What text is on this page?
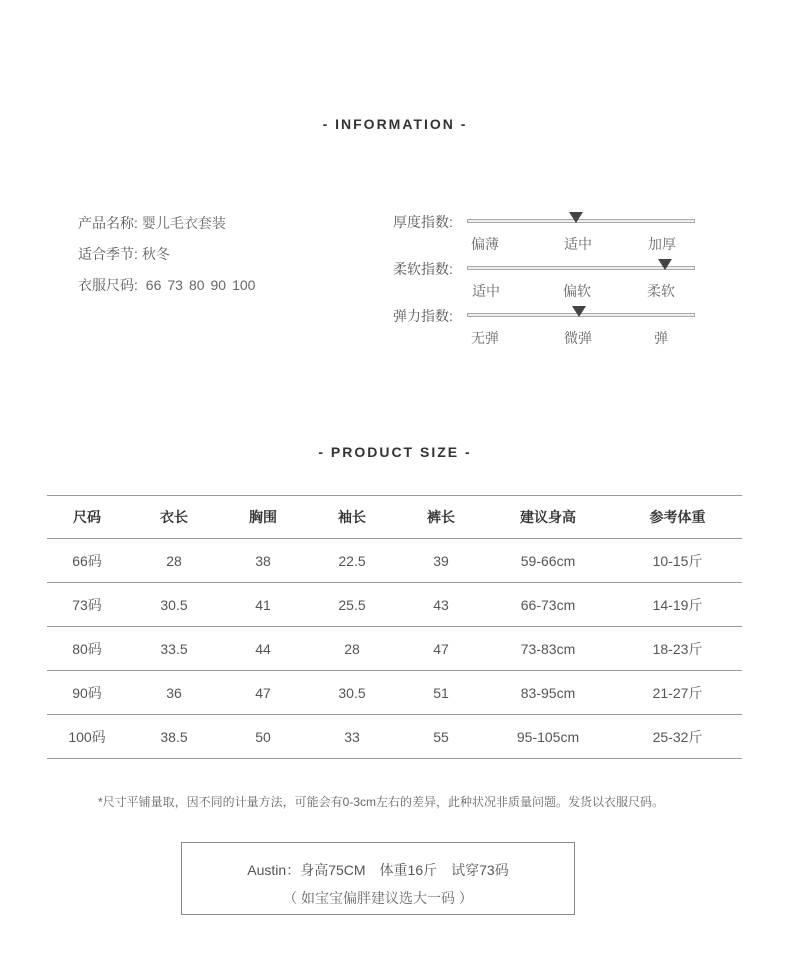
- INFORMATION -
产品名称: 婴儿毛衣套装
适合季节: 秋冬
衣服尺码: 66 73 80 90 100
厚度指数:
偏薄	适中	加厚
柔软指数:
适中	偏软	柔软
弹力指数:
无弹	微弹	弹
- PRODUCT SIZE -
尺码	衣长	胸围	袖长	裤长	建议身高	参考体重
66码	28	38	22.5	39	59-66cm	10-15斤
73码	30.5	41	25.5	43	66-73cm	14-19斤
80码	33.5	44	28	47	73-83cm	18-23斤
90码	36	47	30.5	51	83-95cm	21-27斤
100码	38.5	50	33	55	95-105cm	25-32斤
*尺寸平铺量取，因不同的计量方法，可能会有0-3cm左右的差异，此种状况非质量问题。发货以衣服尺码。
Austin：身高75CM　体重16斤　试穿73码
（ 如宝宝偏胖建议选大一码 ）
